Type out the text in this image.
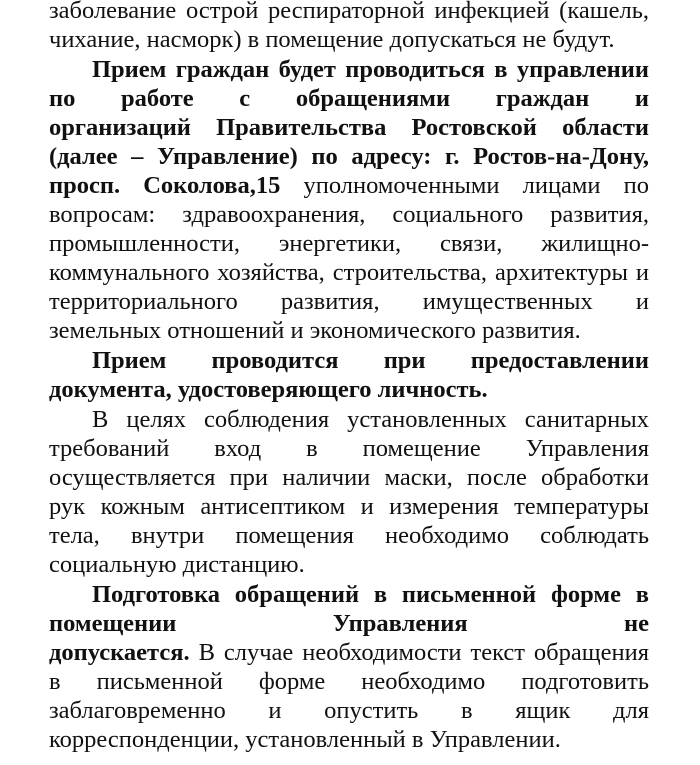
заболевание острой респираторной инфекцией (кашель,
чихание, насморк) в помещение допускаться не будут.
Прием граждан будет проводиться в управлении
по работе с обращениями граждан и
организаций Правительства Ростовской области
(далее – Управление) по адресу: г. Ростов-на-Дону,
просп. Соколова,15 уполномоченными лицами по
вопросам: здравоохранения, социального развития,
промышленности, энергетики, связи, жилищно-
коммунального хозяйства, строительства, архитектуры и
территориального развития, имущественных и
земельных отношений и экономического развития.
Прием проводится при предоставлении
документа, удостоверяющего личность.
В целях соблюдения установленных санитарных
требований вход в помещение Управления
осуществляется при наличии маски, после обработки
рук кожным антисептиком и измерения температуры
тела, внутри помещения необходимо соблюдать
социальную дистанцию.
Подготовка обращений в письменной форме в
помещении Управления не
допускается. В случае необходимости текст обращения
в письменной форме необходимо подготовить
заблаговременно и опустить в ящик для
корреспонденции, установленный в Управлении.
